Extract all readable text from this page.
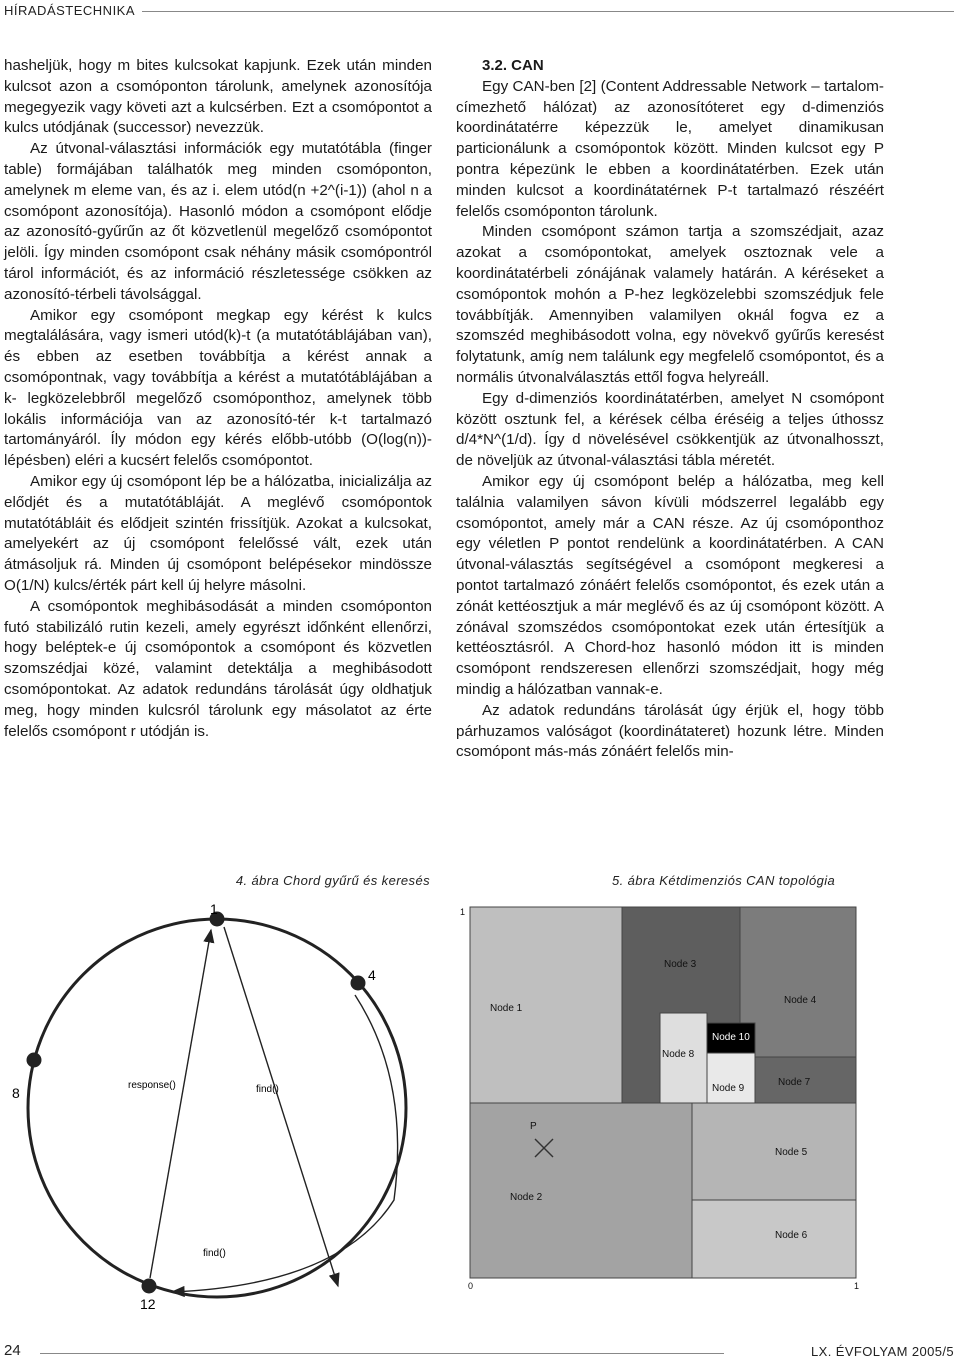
HÍRADÁSTECHNIKA

hasheljük, hogy m bites kulcsokat kapjunk. Ezek után minden kulcsot azon a csomóponton tárolunk, amelynek azonosítója megegyezik vagy követi azt a kulcsérben. Ezt a csomópontot a kulcs utódjának (successor) nevezzük.

Az útvonal-választási információk egy mutatótábla (finger table) formájában találhatók meg minden csomóponton, amelynek m eleme van, és az i. elem utód(n +2^(i-1)) (ahol n a csomópont azonosítója). Hasonló módon a csomópont elődje az azonosító-gyűrűn az őt közvetlenül megelőző csomópontot jelöli. Így minden csomópont csak néhány másik csomópontról tárol információt, és az információ részletessége csökken az azonosító-térbeli távolsággal.

Amikor egy csomópont megkap egy kérést k kulcs megtalálására, vagy ismeri utód(k)-t (a mutatótáblájában van), és ebben az esetben továbbítja a kérést annak a csomópontnak, vagy továbbítja a kérést a mutatótáblájában a k- legközelebbről megelőző csomóponthoz, amelynek több lokális információja van az azonosító-tér k-t tartalmazó tartományáról. Íly módon egy kérés előbb-utóbb (O(log(n))-lépésben) eléri a kucsért felelős csomópontot.

Amikor egy új csomópont lép be a hálózatba, inicializálja az elődjét és a mutatótábláját. A meglévő csomópontok mutatótábláit és elődjeit szintén frissítjük. Azokat a kulcsokat, amelyekért az új csomópont felelőssé vált, ezek után átmásoljuk rá. Minden új csomópont belépésekor mindössze O(1/N) kulcs/érték párt kell új helyre másolni.

A csomópontok meghibásodását a minden csomóponton futó stabilizáló rutin kezeli, amely egyrészt időnként ellenőrzi, hogy beléptek-e új csomópontok a csomópont és közvetlen szomszédjai közé, valamint detektálja a meghibásodott csomópontokat. Az adatok redundáns tárolását úgy oldhatjuk meg, hogy minden kulcsról tárolunk egy másolatot az érte felelős csomópont r utódján is.

3.2. CAN

Egy CAN-ben [2] (Content Addressable Network – tartalom-címezhető hálózat) az azonosítóteret egy d-dimenziós koordinátatérre képezzük le, amelyet dinamikusan particionálunk a csomópontok között. Minden kulcsot egy P pontra képezünk le ebben a koordinátatérben. Ezek után minden kulcsot a koordinátatérnek P-t tartalmazó részéért felelős csomóponton tárolunk.

Minden csomópont számon tartja a szomszédjait, azaz azokat a csomópontokat, amelyek osztoznak vele a koordinátatérbeli zónájának valamely határán. A kéréseket a csomópontok mohón a P-hez legközelebbi szomszédjuk fele továbbítják. Amennyiben valamilyen okнál fogva ez a szomszéd meghibásodott volna, egy növekvő gyűrűs keresést folytatunk, amíg nem találunk egy megfelelő csomópontot, és a normális útvonalválasztás ettől fogva helyreáll.

Egy d-dimenziós koordinátatérben, amelyet N csomópont között osztunk fel, a kérések célba éréséig a teljes úthossz d/4*N^(1/d). Így d növelésével csökkentjük az útvonalhosszt, de növeljük az útvonal-választási tábla méretét.

Amikor egy új csomópont belép a hálózatba, meg kell találnia valamilyen sávon kívüli módszerrel legalább egy csomópontot, amely már a CAN része. Az új csomóponthoz egy véletlen P pontot rendelünk a koordinátatérben. A CAN útvonal-választás segítségével a csomópont megkeresi a pontot tartalmazó zónáért felelős csomópontot, és ezek után a zónát kettéosztjuk a már meglévő és az új csomópont között. A zónával szomszédos csomópontokat ezek után értesítjük a kettéosztásról. A Chord-hoz hasonló módon itt is minden csomópont rendszeresen ellenőrzi szomszédjait, hogy még mindig a hálózatban vannak-e.

Az adatok redundáns tárolását úgy érjük el, hogy több párhuzamos valóságot (koordinátateret) hozunk létre. Minden csomópont más-más zónáért felelős min-

4. ábra Chord gyűrű és keresés	5. ábra Kétdimenziós CAN topológia
1
4
8
12
response()	find()
find()
Node 1
Node 2
Node 3
Node 4
Node 5
Node 6
Node 7
Node 8
Node 9
Node 10
P
0	1
1
24	LX. ÉVFOLYAM 2005/5
